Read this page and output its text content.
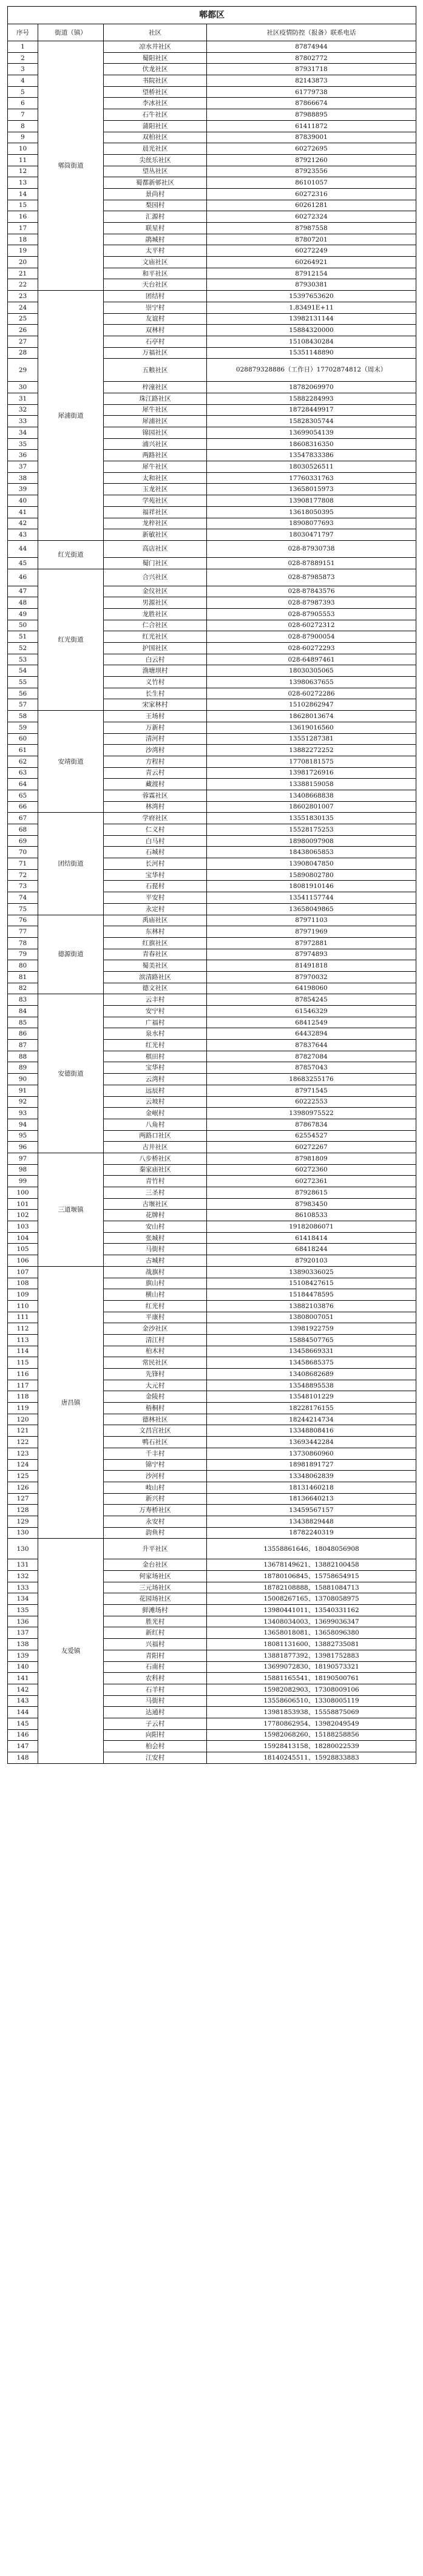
郫都区			
序号	街道（镇）	社区	社区疫情防控（报备）联系电话
1	郫筒街道	凉水井社区	87874944
2		蜀阳社区	87802772
3		伏龙社区	87931718
4		书院社区	82143873
5		望桥社区	61779738
6		李冰社区	87866674
7		石牛社区	87988895
8		蒲阳社区	61411872
9		双柏社区	87839001
10		晨光社区	60272695
11		尖丝乐社区	87921260
12		望丛社区	87923556
13		蜀都新邨社区	86101057
14		景尚村	60272316
15		梨园村	60261281
16		汇源村	60272324
17		联星村	87987558
18		鹃城村	87807201
19		太平村	60272249
20		文庙社区	60264921
21		和平社区	87912154
22		天台社区	87930381
23	犀浦街道	团结村	15397653620
24		崇宁村	1.83491E+11
25		友谊村	13982131144
26		双林村	15884320000
27		石亭村	15108430284
28		万福社区	15351148890
29		五粮社区	028879328886（工作日）17702874812（周末）
30		梓潼社区	18782069970
31		珠江路社区	15882284993
32		犀牛社区	18728449917
33		犀浦社区	15828305744
34		锦园社区	13699054139
35		浦兴社区	18608316350
36		两路社区	13547833386
37		犀牛社区	18030526511
38		太和社区	17760331763
39		玉龙社区	13658015973
40		学苑社区	13908177808
41		福祥社区	13618050395
42		龙梓社区	18908077693
43		新敏社区	18030471797
44	红光街道	高店社区	028-87930738
45		蜀门社区	028-87889151
46	红光街道	合兴社区	028-87985873
47		金仪社区	028-87843576
48		男源社区	028-87987393
49		龙胜社区	028-87905553
50		仁合社区	028-60272312
51		红光社区	028-87900054
52		护国社区	028-60272293
53		白云村	028-64897461
54		渔塘坝村	18030305065
55		义竹村	13980637655
56		长生村	028-60272286
57		宋家林村	15102862947
58	安靖街道	王场村	18628013674
59		万新村	13619016560
60		清河村	13551287381
61		沙湾村	13882272252
62		方程村	17708181575
63		青云村	13981726916
64		藏渡村	13388159058
65		蓉霖社区	13408668838
66		林湾村	18602801007
67	团结街道	学府社区	13551830135
68		仁义村	15528175253
69		白马村	18980097908
70		石城村	18438065853
71		长河村	13908047850
72		宝华村	15890802780
73		石琵村	18081910146
74		平安村	13541157744
75		永定村	13658049865
76	德源街道	禹庙社区	87971103
77		东林村	87971969
78		红旗社区	87972881
79		青春社区	87974893
80		蜀美社区	81491818
81		滨清路社区	87970032
82		德文社区	64198060
83	安德街道	云丰村	87854245
84		安宁村	61546329
85		广福村	68412549
86		泉水村	64432894
87		红光村	87837644
88		棋田村	87827084
89		宝华村	87857043
90		云湾村	18683255176
91		远辰村	87971545
92		云坡村	60222553
93		金岷村	13980975522
94		八角村	87867834
95		两路口社区	62554527
96		古井社区	60272267
97	三道堰镇	八步桥社区	87981809
98		秦家庙社区	60272360
99		青竹村	60272361
100		三圣村	87928615
101		古堰社区	87983450
102		花牌村	86108533
103		安山村	19182086071
104		张城村	61418414
105		马街村	68418244
106		古城村	87920103
107	唐昌镇	战旗村	13890336025
108		旗山村	15108427615
109		横山村	15184478595
110		红光村	13882103876
111		平康村	13808007051
112		金沙社区	13981922759
113		清江村	15884507765
114		柏木村	13458669331
115		常民社区	13458685375
116		先锋村	13408682689
117		大元村	13548895538
118		金陵村	13548101229
119		梧桐村	18228176155
120		德林社区	18244214734
121		文昌宫社区	13348808416
122		鸭石社区	13693442284
123		千丰村	13730860960
124		锦宁村	18981891727
125		沙河村	13348062839
126		岐山村	18131460218
127		新兴村	18136640213
128		万寿桥社区	13459567157
129		永安村	13438829448
130		韵鱼村	18782240319
130	友爱镇	升平社区	13558861646、18048056908
131		金台社区	13678149621、13882100458
132		何家场社区	18780106845、15758654915
133		三元场社区	18782108888、15881084713
134		花园场社区	15008267165、13708058975
135		鲜滩场村	13980441011、13540331162
136		胜光村	13408034003、13699036347
137		新红村	13658018081、13658096380
138		兴福村	18081131600、13882735081
139		青阳村	13881877392、13981752883
140		石南村	13699072830、18190573321
141		农科村	15881165541、18190500761
142		石羊村	15982082903、17308009106
143		马街村	13558606510、13308005119
144		达通村	13981853938、15558875069
145		子云村	17780862954、13982049549
146		向阳村	15982068260、15188258856
147		柏会村	15928413158、18280022539
148		江安村	18140245511、15928833883
